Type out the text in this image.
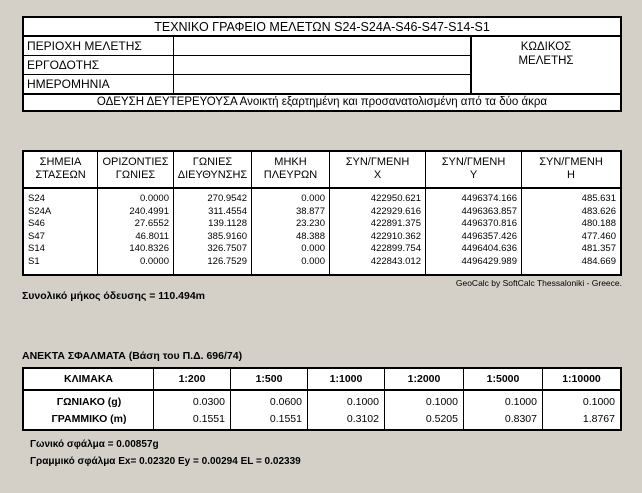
ΤΕΧΝΙΚΟ ΓΡΑΦΕΙΟ ΜΕΛΕΤΩΝ S24-S24A-S46-S47-S14-S1
ΠΕΡΙΟΧΗ ΜΕΛΕΤΗΣ
ΕΡΓΟΔΟΤΗΣ
ΗΜΕΡΟΜΗΝΙΑ
ΚΩΔΙΚΟΣ
ΜΕΛΕΤΗΣ
ΟΔΕΥΣΗ ΔΕΥΤΕΡΕΥΟΥΣΑ Ανοικτή εξαρτημένη και προσανατολισμένη από τα δύο άκρα
ΣΗΜΕΙΑ
ΣΤΑΣΕΩΝ
S24
S24A
S46
S47
S14
S1
ΟΡΙΖΟΝΤΙΕΣ
ΓΩΝΙΕΣ
0.0000
240.4991
27.6552
46.8011
140.8326
0.0000
ΓΩΝΙΕΣ
ΔΙΕΥΘΥΝΣΗΣ
270.9542
311.4554
139.1128
385.9160
326.7507
126.7529
ΜΗΚΗ
ΠΛΕΥΡΩΝ
0.000
38.877
23.230
48.388
0.000
0.000
ΣΥΝ/ΓΜΕΝΗ
X
422950.621
422929.616
422891.375
422910.362
422899.754
422843.012
ΣΥΝ/ΓΜΕΝΗ
Y
4496374.166
4496363.857
4496370.816
4496357.426
4496404.636
4496429.989
ΣΥΝ/ΓΜΕΝΗ
H
485.631
483.626
480.188
477.460
481.357
484.669
GeoCalc by SoftCalc Thessaloniki - Greece.
Συνολικό μήκος όδευσης = 110.494m
ΑΝΕΚΤΑ ΣΦΑΛΜΑΤΑ (Βάση του Π.Δ. 696/74)
ΚΛΙΜΑΚΑ
ΓΩΝΙΑΚΟ (g)
ΓΡΑΜΜΙΚΟ (m)
1:200
0.0300
0.1551
1:500
0.0600
0.1551
1:1000
0.1000
0.3102
1:2000
0.1000
0.5205
1:5000
0.1000
0.8307
1:10000
0.1000
1.8767
Γωνικό σφάλμα = 0.00857g
Γραμμικό σφάλμα Ex= 0.02320 Ey = 0.00294 EL = 0.02339
